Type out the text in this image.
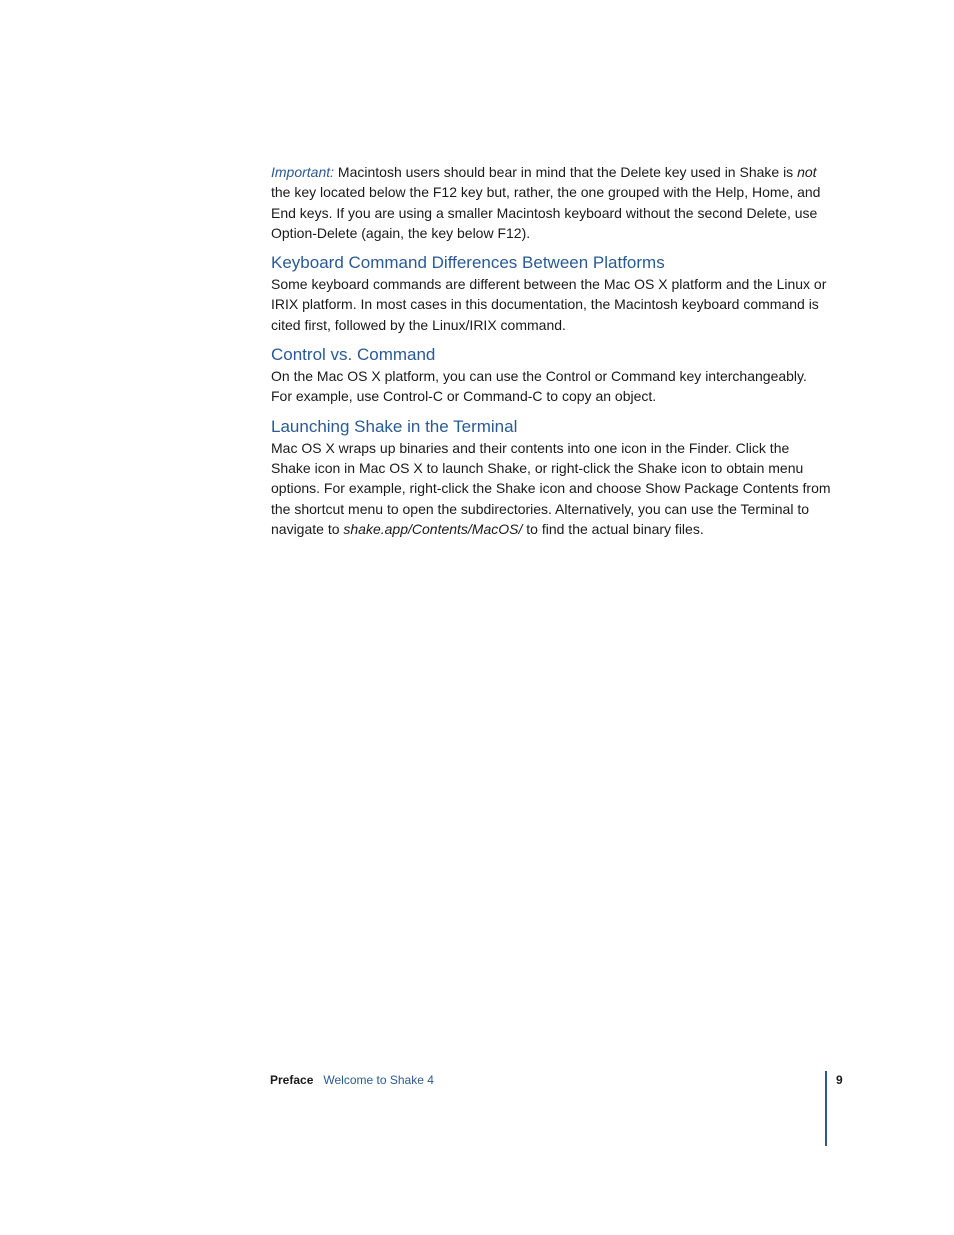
Important: Macintosh users should bear in mind that the Delete key used in Shake is not the key located below the F12 key but, rather, the one grouped with the Help, Home, and End keys. If you are using a smaller Macintosh keyboard without the second Delete, use Option-Delete (again, the key below F12).

Keyboard Command Differences Between Platforms

Some keyboard commands are different between the Mac OS X platform and the Linux or IRIX platform. In most cases in this documentation, the Macintosh keyboard command is cited first, followed by the Linux/IRIX command.

Control vs. Command

On the Mac OS X platform, you can use the Control or Command key interchangeably. For example, use Control-C or Command-C to copy an object.

Launching Shake in the Terminal

Mac OS X wraps up binaries and their contents into one icon in the Finder. Click the Shake icon in Mac OS X to launch Shake, or right-click the Shake icon to obtain menu options. For example, right-click the Shake icon and choose Show Package Contents from the shortcut menu to open the subdirectories. Alternatively, you can use the Terminal to navigate to shake.app/Contents/MacOS/ to find the actual binary files.

Preface Welcome to Shake 4	9
